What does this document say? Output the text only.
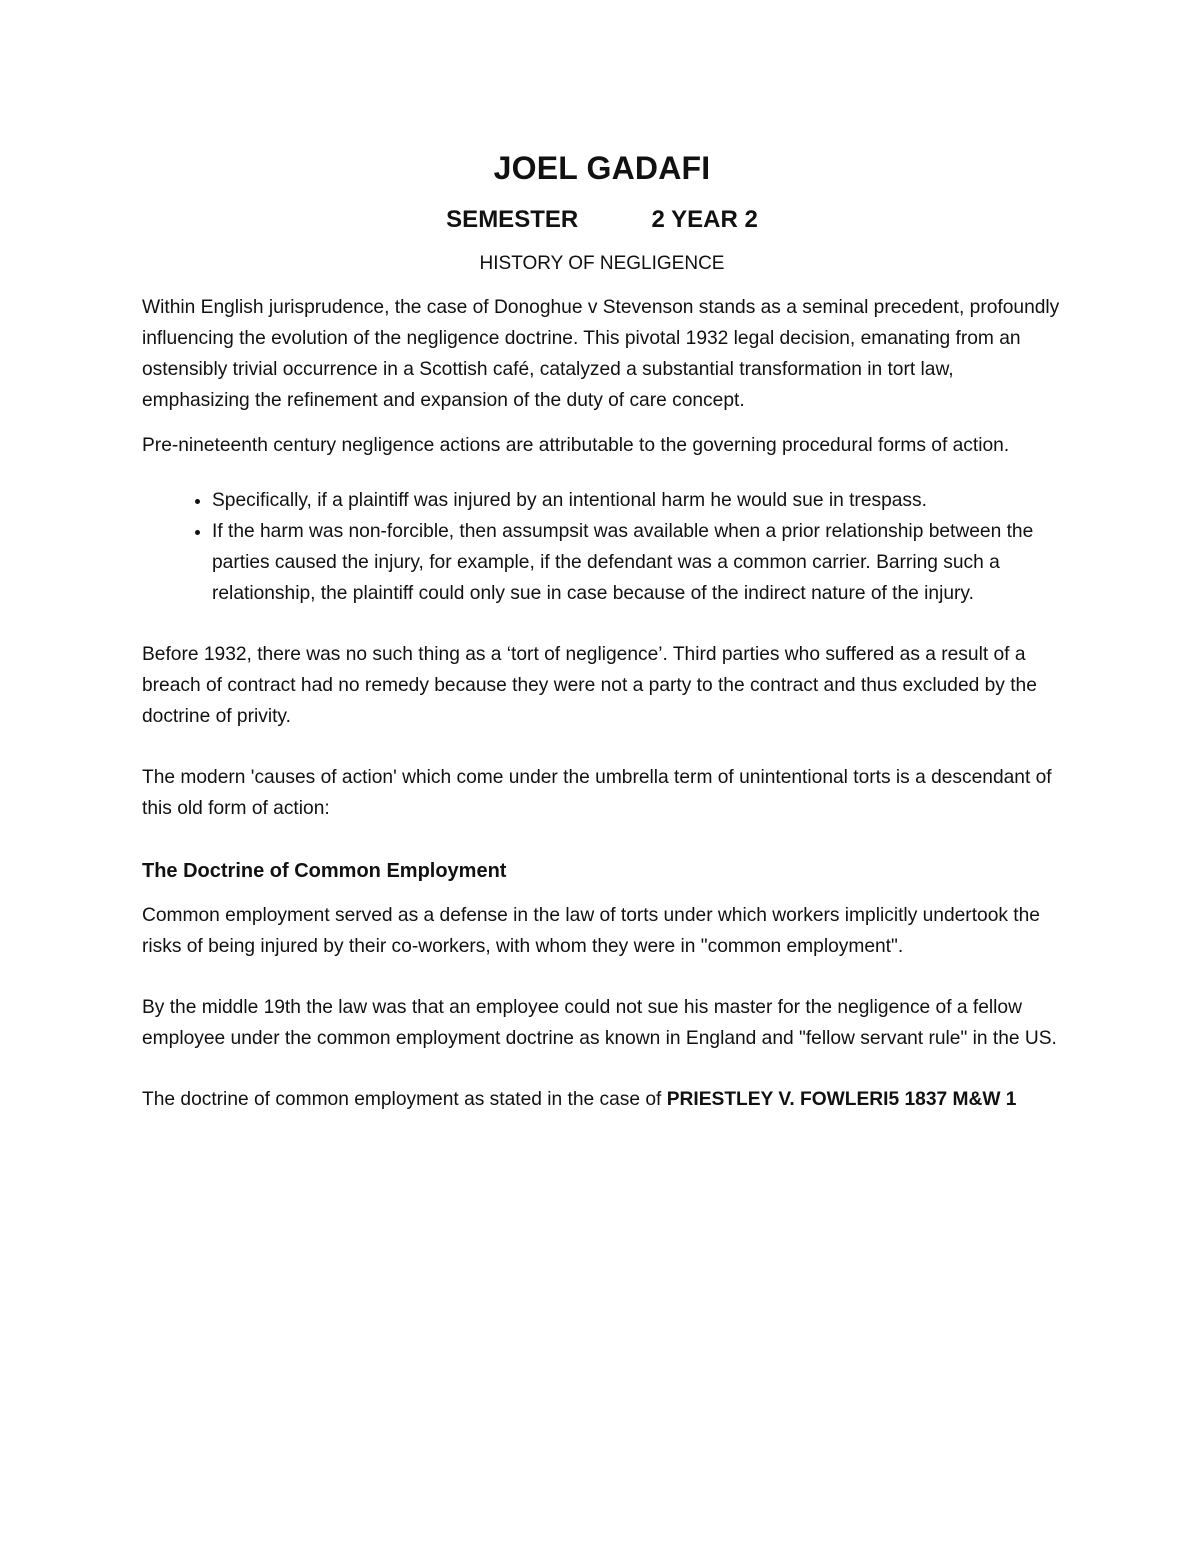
JOEL GADAFI
SEMESTER           2 YEAR 2
HISTORY OF NEGLIGENCE

Within English jurisprudence, the case of Donoghue v Stevenson stands as a seminal precedent, profoundly influencing the evolution of the negligence doctrine. This pivotal 1932 legal decision, emanating from an ostensibly trivial occurrence in a Scottish café, catalyzed a substantial transformation in tort law, emphasizing the refinement and expansion of the duty of care concept.

Pre-nineteenth century negligence actions are attributable to the governing procedural forms of action.

• Specifically, if a plaintiff was injured by an intentional harm he would sue in trespass.
• If the harm was non-forcible, then assumpsit was available when a prior relationship between the parties caused the injury, for example, if the defendant was a common carrier. Barring such a relationship, the plaintiff could only sue in case because of the indirect nature of the injury.

Before 1932, there was no such thing as a ‘tort of negligence’. Third parties who suffered as a result of a breach of contract had no remedy because they were not a party to the contract and thus excluded by the doctrine of privity.

The modern 'causes of action' which come under the umbrella term of unintentional torts is a descendant of this old form of action:

The Doctrine of Common Employment

Common employment served as a defense in the law of torts under which workers implicitly undertook the risks of being injured by their co-workers, with whom they were in "common employment".

By the middle 19th the law was that an employee could not sue his master for the negligence of a fellow employee under the common employment doctrine as known in England and "fellow servant rule" in the US.

The doctrine of common employment as stated in the case of PRIESTLEY V. FOWLERI5 1837 M&W 1
